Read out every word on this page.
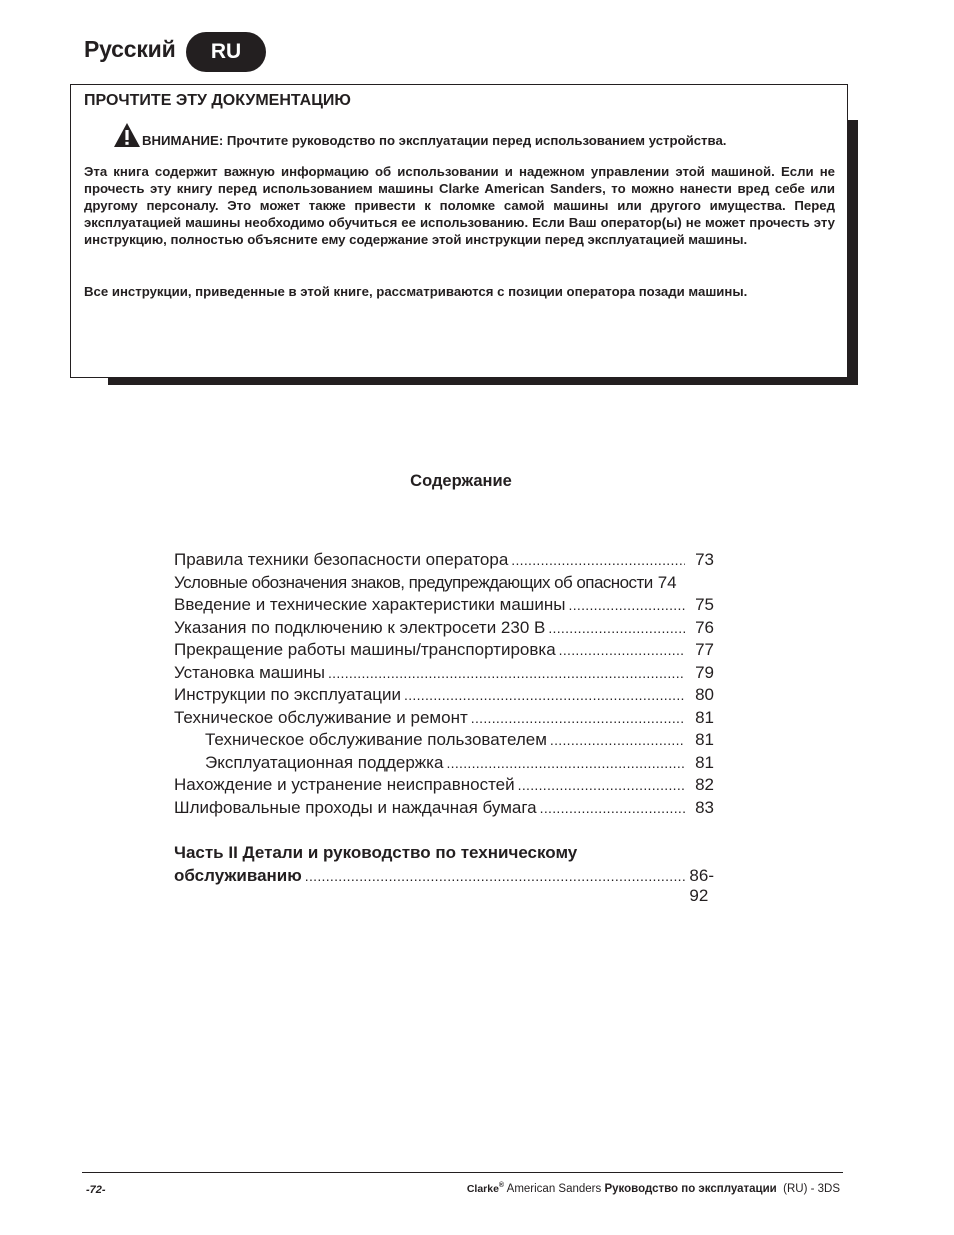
Русский	RU
ПРОЧТИТЕ ЭТУ ДОКУМЕНТАЦИЮ
ВНИМАНИЕ: Прочтите руководство по эксплуатации перед использованием устройства.

Эта книга содержит важную информацию об использовании и надежном управлении этой машиной. Если не прочесть эту книгу перед использованием машины Clarke American Sanders, то можно нанести вред себе или другому персоналу. Это может также привести к поломке самой машины или другого имущества. Перед эксплуатацией машины необходимо обучиться ее использованию. Если Ваш оператор(ы) не может прочесть эту инструкцию, полностью объясните ему содержание этой инструкции перед эксплуатацией машины.

Все инструкции, приведенные в этой книге, рассматриваются с позиции оператора позади машины.

Содержание
Правила техники безопасности оператора .....	73
Условные обозначения знаков, предупреждающих об опасности 74
Введение и технические характеристики машины .....	75
Указания по подключению к электросети 230 В .....	76
Прекращение работы машины/транспортировка .....	77
Установка машины .....	79
Инструкции по эксплуатации .....	80
Техническое обслуживание и ремонт .....	81
Техническое обслуживание пользователем .....	81
Эксплуатационная поддержка .....	81
Нахождение и устранение неисправностей .....	82
Шлифовальные проходы и наждачная бумага .....	83
Часть II Детали и руководство по техническому
обслуживанию .....	86-92
-72-	Clarke® American Sanders Руководство по эксплуатации  (RU) - 3DS
